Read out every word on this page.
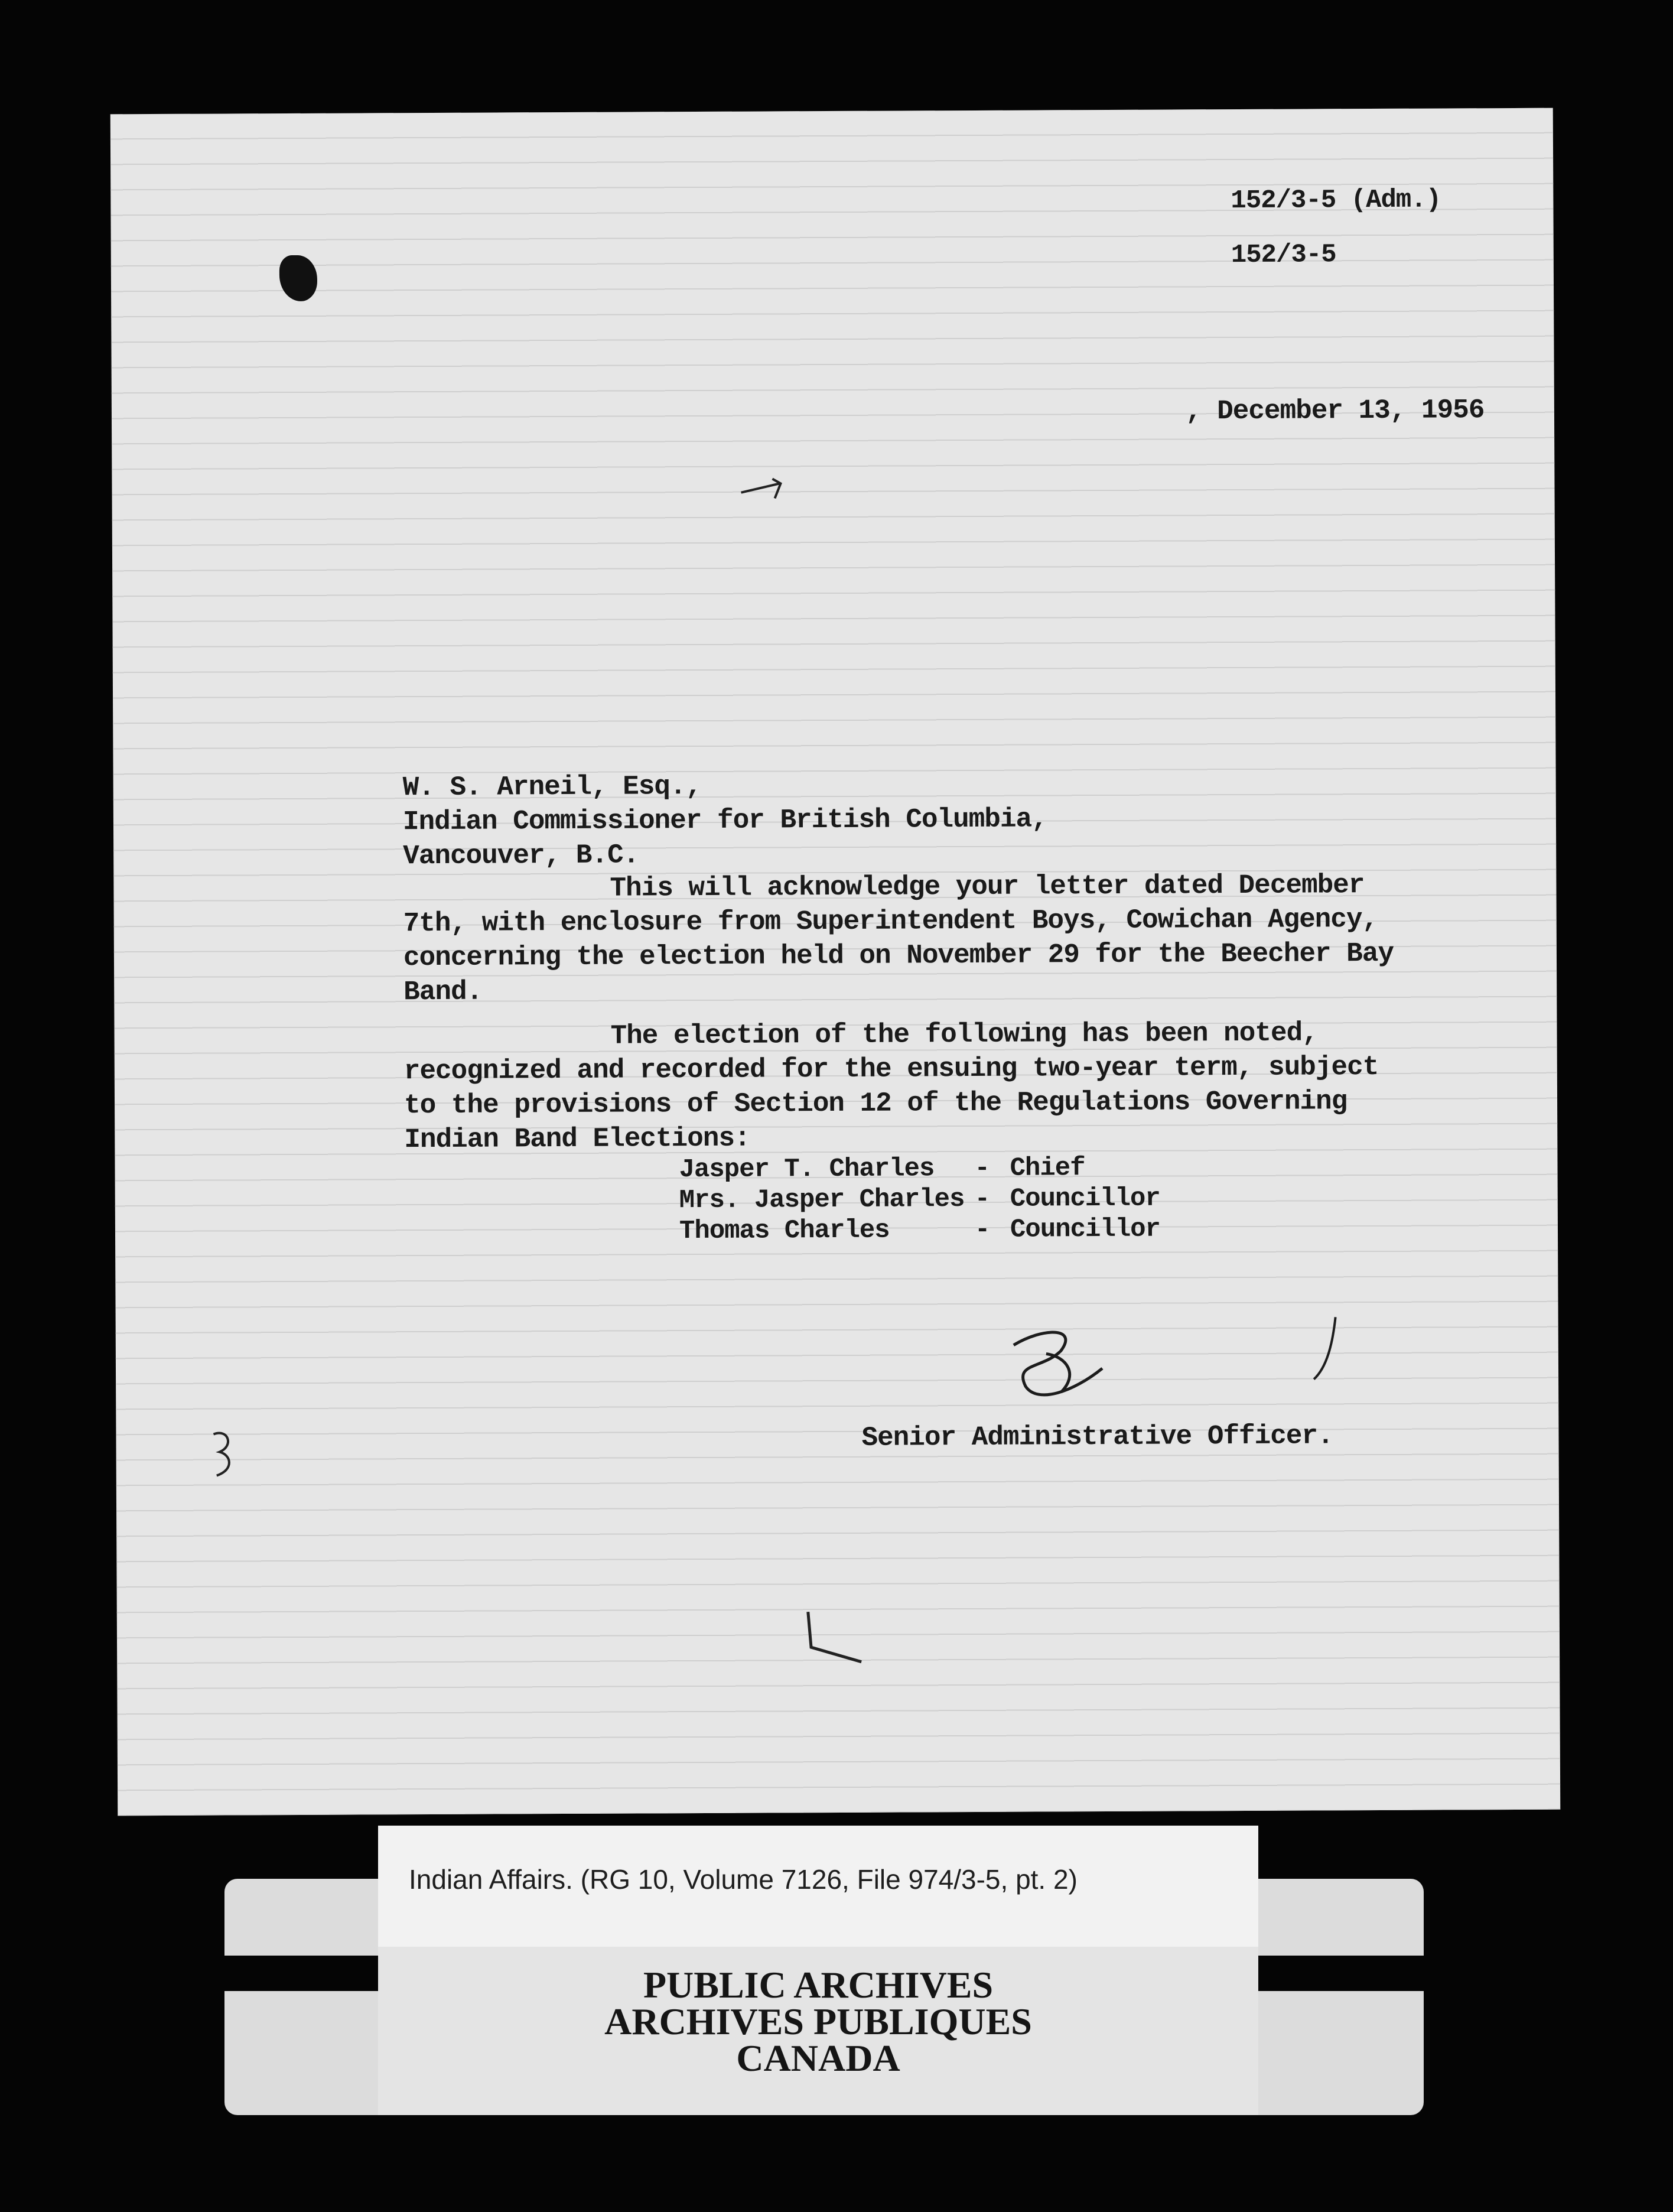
152/3-5 (Adm.)
152/3-5
, December 13, 1956
W. S. Arneil, Esq.,
Indian Commissioner for British Columbia,
Vancouver, B.C.
This will acknowledge your letter dated December
7th, with enclosure from Superintendent Boys, Cowichan Agency,
concerning the election held on November 29 for the Beecher Bay
Band.
The election of the following has been noted,
recognized and recorded for the ensuing two-year term, subject
to the provisions of Section 12 of the Regulations Governing
Indian Band Elections:
Jasper T. Charles	- Chief
Mrs. Jasper Charles - Councillor
Thomas Charles	- Councillor
Senior Administrative Officer.
PUBLIC ARCHIVES
ARCHIVES PUBLIQUES
CANADA
Indian Affairs. (RG 10, Volume 7126, File 974/3-5, pt. 2)
